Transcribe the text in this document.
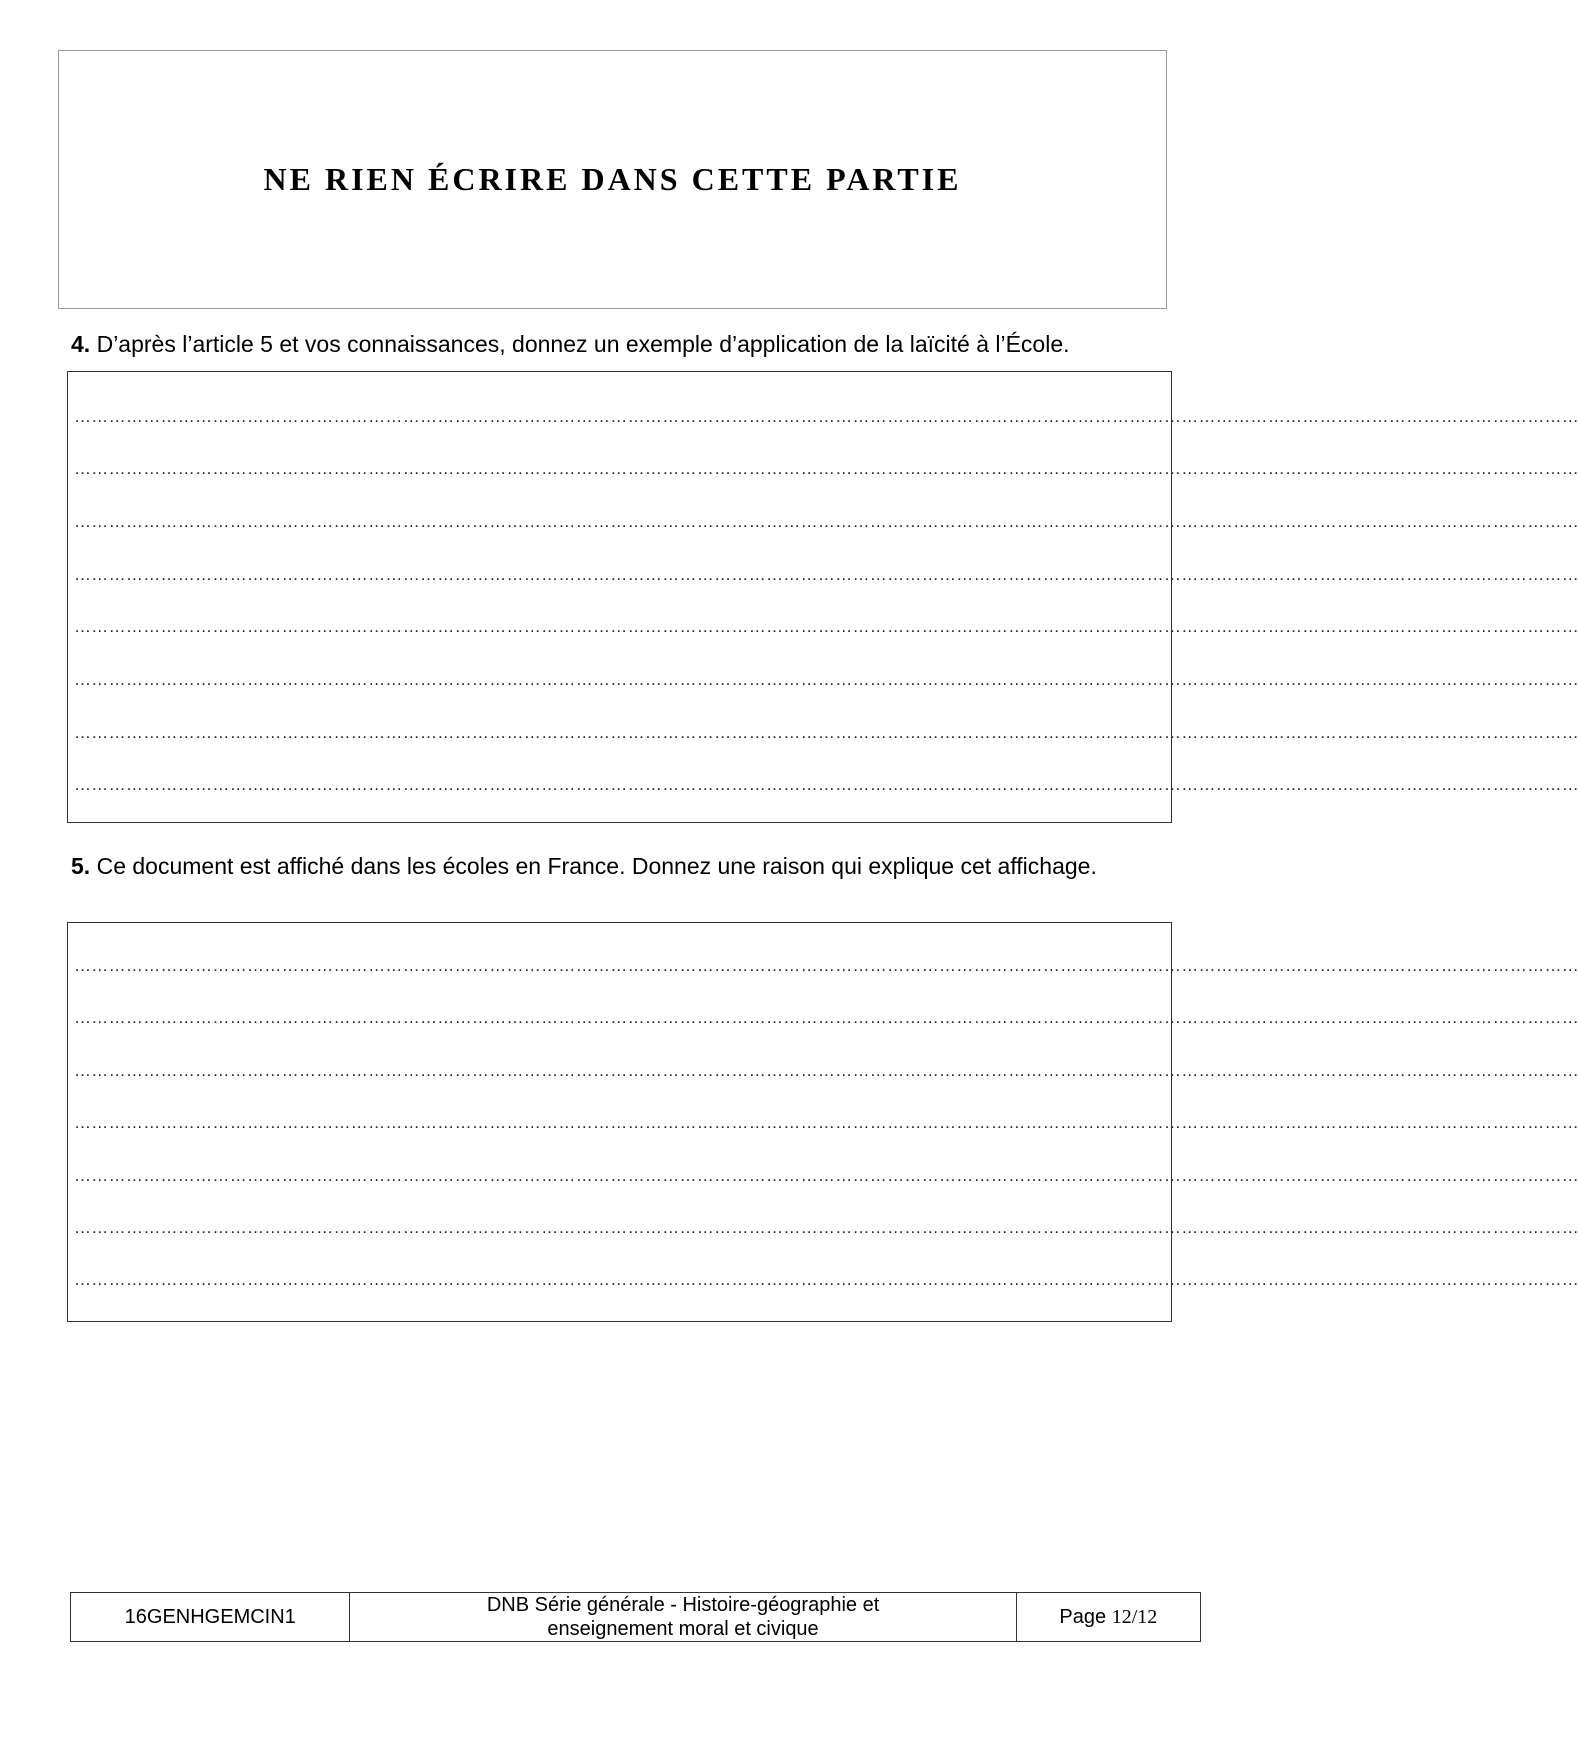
NE RIEN ÉCRIRE DANS CETTE PARTIE
4. D’après l’article 5 et vos connaissances, donnez un exemple d’application de la laïcité à l’École.
………………………………………………………………………………………………………………………………………………………………………………………………………………………………………
………………………………………………………………………………………………………………………………………………………………………………………………………………………………………
………………………………………………………………………………………………………………………………………………………………………………………………………………………………………
………………………………………………………………………………………………………………………………………………………………………………………………………………………………………
………………………………………………………………………………………………………………………………………………………………………………………………………………………………………
………………………………………………………………………………………………………………………………………………………………………………………………………………………………………
………………………………………………………………………………………………………………………………………………………………………………………………………………………………………
………………………………………………………………………………………………………………………………………………………………………………………………………………………………………
5. Ce document est affiché dans les écoles en France. Donnez une raison qui explique cet affichage.
………………………………………………………………………………………………………………………………………………………………………………………………………………………………………
………………………………………………………………………………………………………………………………………………………………………………………………………………………………………
………………………………………………………………………………………………………………………………………………………………………………………………………………………………………
………………………………………………………………………………………………………………………………………………………………………………………………………………………………………
………………………………………………………………………………………………………………………………………………………………………………………………………………………………………
………………………………………………………………………………………………………………………………………………………………………………………………………………………………………
………………………………………………………………………………………………………………………………………………………………………………………………………………………………………
16GENHGEMCIN1	
DNB Série générale - Histoire-géographie et
enseignement moral et civique
	Page 12/12
